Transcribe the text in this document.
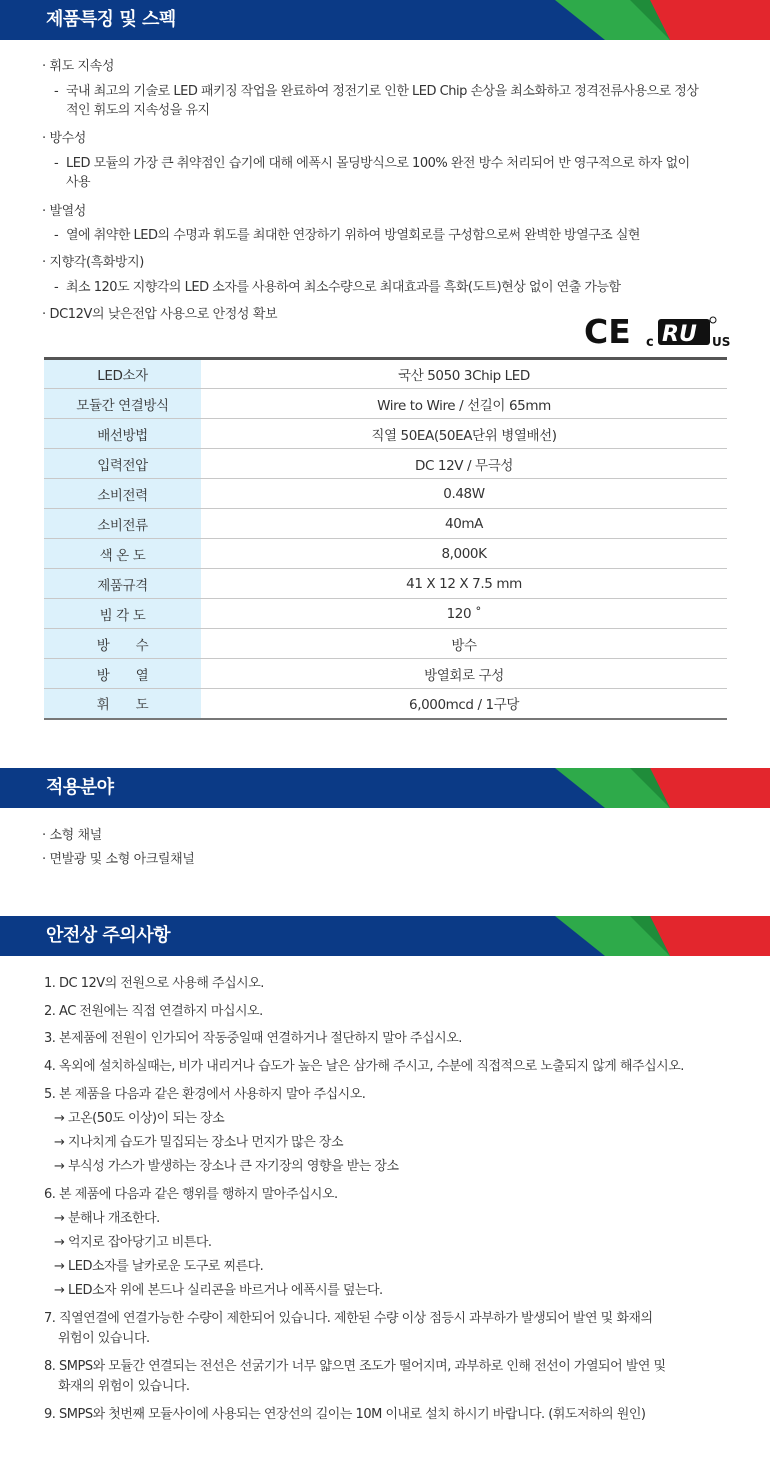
제품특징 및 스펙
· 휘도 지속성
- 국내 최고의 기술로 LED 패키징 작업을 완료하여 정전기로 인한 LED Chip 손상을 최소화하고 정격전류사용으로 정상적인 휘도의 지속성을 유지
· 방수성
- LED 모듈의 가장 큰 취약점인 습기에 대해 에폭시 몰딩방식으로 100% 완전 방수 처리되어 반 영구적으로 하자 없이 사용
· 발열성
- 열에 취약한 LED의 수명과 휘도를 최대한 연장하기 위하여 방열회로를 구성함으로써 완벽한 방열구조 실현
· 지향각(흑화방지)
- 최소 120도 지향각의 LED 소자를 사용하여 최소수량으로 최대효과를 흑화(도트)현상 없이 연출 가능함
· DC12V의 낮은전압 사용으로 안정성 확보	CE c RU US
LED소자	국산 5050 3Chip LED
모듈간 연결방식	Wire to Wire / 선길이 65mm
배선방법	직열 50EA(50EA단위 병열배선)
입력전압	DC 12V / 무극성
소비전력	0.48W
소비전류	40mA
색 온 도	8,000K
제품규격	41 X 12 X 7.5 mm
빔 각 도	120 ˚
방　　수	방수
방　　열	방열회로 구성
휘　　도	6,000mcd / 1구당
적용분야
· 소형 채널
· 면발광 및 소형 아크릴채널
안전상 주의사항
1. DC 12V의 전원으로 사용해 주십시오.
2. AC 전원에는 직접 연결하지 마십시오.
3. 본제품에 전원이 인가되어 작동중일때 연결하거나 절단하지 말아 주십시오.
4. 옥외에 설치하실때는, 비가 내리거나 습도가 높은 날은 삼가해 주시고, 수분에 직접적으로 노출되지 않게 해주십시오.
5. 본 제품을 다음과 같은 환경에서 사용하지 말아 주십시오.
→ 고온(50도 이상)이 되는 장소
→ 지나치게 습도가 밀집되는 장소나 먼지가 많은 장소
→ 부식성 가스가 발생하는 장소나 큰 자기장의 영향을 받는 장소
6. 본 제품에 다음과 같은 행위를 행하지 말아주십시오.
→ 분해나 개조한다.
→ 억지로 잡아당기고 비튼다.
→ LED소자를 날카로운 도구로 찌른다.
→ LED소자 위에 본드나 실리콘을 바르거나 에폭시를 덮는다.
7. 직열연결에 연결가능한 수량이 제한되어 있습니다. 제한된 수량 이상 점등시 과부하가 발생되어 발연 및 화재의
위험이 있습니다.
8. SMPS와 모듈간 연결되는 전선은 선굵기가 너무 얇으면 조도가 떨어지며, 과부하로 인해 전선이 가열되어 발연 및
화재의 위험이 있습니다.
9. SMPS와 첫번째 모듈사이에 사용되는 연장선의 길이는 10M 이내로 설치 하시기 바랍니다. (휘도저하의 원인)
